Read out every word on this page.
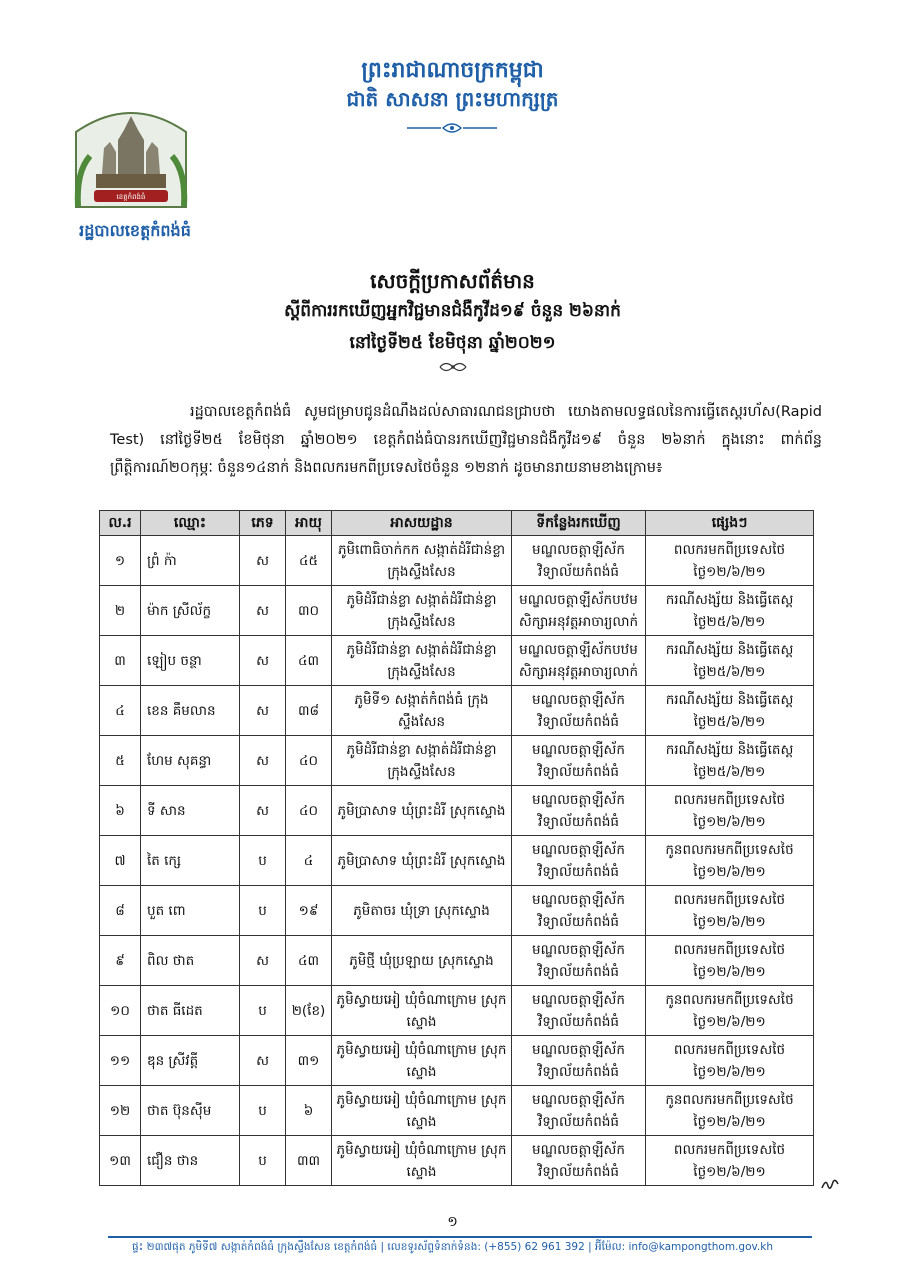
ព្រះរាជាណាចក្រកម្ពុជា
ជាតិ សាសនា ព្រះមហាក្សត្រ
ខេត្តកំពង់ធំ
រដ្ឋបាលខេត្តកំពង់ធំ
សេចក្តីប្រកាសព័ត៌មាន
ស្តីពីការរកឃើញអ្នកវិជ្ជមានជំងឺកូវីដ១៩ ចំនួន ២៦នាក់
នៅថ្ងៃទី២៥ ខែមិថុនា ឆ្នាំ២០២១
រដ្ឋបាលខេត្តកំពង់ធំ សូមជម្រាបជូនដំណឹងដល់សាធារណជនជ្រាបថា យោងតាមលទ្ធផលនៃការធ្វើតេស្តរហ័ស(Rapid Test) នៅថ្ងៃទី២៥ ខែមិថុនា ឆ្នាំ២០២១ ខេត្តកំពង់ធំបានរកឃើញវិជ្ជមានជំងឺកូវីដ១៩ ចំនួន ២៦នាក់ ក្នុងនោះ ពាក់ព័ន្ធព្រឹត្តិការណ៍២០កុម្ភៈ ចំនួន១៤នាក់ និងពលករមកពីប្រទេសថៃចំនួន ១២នាក់ ដូចមានរាយនាមខាងក្រោម៖
ល.រ	ឈ្មោះ	ភេទ	អាយុ	អាសយដ្ឋាន	ទីកន្លែងរកឃើញ	ផ្សេងៗ
១	ព្រំ ក៉ា	ស	៤៥	ភូមិពោធិចាក់កក សង្កាត់ដំរីជាន់ខ្លា ក្រុងស្ទឹងសែន	មណ្ឌលចត្តាឡីស័ក វិទ្យាល័យកំពង់ធំ	ពលករមកពីប្រទេសថៃ ថ្ងៃ១២/៦/២១
២	ម៉ាក ស្រីល័ក្ខ	ស	៣០	ភូមិដំរីជាន់ខ្លា សង្កាត់ដំរីជាន់ខ្លា ក្រុងស្ទឹងសែន	មណ្ឌលចត្តាឡីស័កបឋម សិក្សាអនុវត្តអាចារ្យលាក់	ករណីសង្ស័យ និងធ្វើតេស្ត ថ្ងៃ២៥/៦/២១
៣	ឡៀប ចន្ថា	ស	៤៣	ភូមិដំរីជាន់ខ្លា សង្កាត់ដំរីជាន់ខ្លា ក្រុងស្ទឹងសែន	មណ្ឌលចត្តាឡីស័កបឋម សិក្សាអនុវត្តអាចារ្យលាក់	ករណីសង្ស័យ និងធ្វើតេស្ត ថ្ងៃ២៥/៦/២១
៤	ខេន គឹមលាន	ស	៣៨	ភូមិទី១ សង្កាត់កំពង់ធំ ក្រុងស្ទឹងសែន	មណ្ឌលចត្តាឡីស័ក វិទ្យាល័យកំពង់ធំ	ករណីសង្ស័យ និងធ្វើតេស្ត ថ្ងៃ២៥/៦/២១
៥	ហែម សុគន្ធា	ស	៤០	ភូមិដំរីជាន់ខ្លា សង្កាត់ដំរីជាន់ខ្លា ក្រុងស្ទឹងសែន	មណ្ឌលចត្តាឡីស័ក វិទ្យាល័យកំពង់ធំ	ករណីសង្ស័យ និងធ្វើតេស្ត ថ្ងៃ២៥/៦/២១
៦	ទី សាន	ស	៤០	ភូមិប្រាសាទ ឃុំព្រះដំរី ស្រុកស្ទោង	មណ្ឌលចត្តាឡីស័ក វិទ្យាល័យកំពង់ធំ	ពលករមកពីប្រទេសថៃ ថ្ងៃ១២/៦/២១
៧	តៃ ក្សេ	ប	៤	ភូមិប្រាសាទ ឃុំព្រះដំរី ស្រុកស្ទោង	មណ្ឌលចត្តាឡីស័ក វិទ្យាល័យកំពង់ធំ	កូនពលករមកពីប្រទេសថៃ ថ្ងៃ១២/៦/២១
៨	បួត ពោ	ប	១៩	ភូមិតាចរ ឃុំទ្រា ស្រុកស្ទោង	មណ្ឌលចត្តាឡីស័ក វិទ្យាល័យកំពង់ធំ	ពលករមកពីប្រទេសថៃ ថ្ងៃ១២/៦/២១
៩	ពិល ថាត	ស	៤៣	ភូមិថ្មី ឃុំប្រឡាយ ស្រុកស្ទោង	មណ្ឌលចត្តាឡីស័ក វិទ្យាល័យកំពង់ធំ	ពលករមកពីប្រទេសថៃ ថ្ងៃ១២/៦/២១
១០	ថាត ធីដេត	ប	២(ខែ)	ភូមិស្វាយអៀ ឃុំចំណាក្រោម ស្រុកស្ទោង	មណ្ឌលចត្តាឡីស័ក វិទ្យាល័យកំពង់ធំ	កូនពលករមកពីប្រទេសថៃ ថ្ងៃ១២/៦/២១
១១	ឌុន ស្រីវត្តី	ស	៣១	ភូមិស្វាយអៀ ឃុំចំណាក្រោម ស្រុកស្ទោង	មណ្ឌលចត្តាឡីស័ក វិទ្យាល័យកំពង់ធំ	ពលករមកពីប្រទេសថៃ ថ្ងៃ១២/៦/២១
១២	ថាត ប៊ុនស៊ីម	ប	៦	ភូមិស្វាយអៀ ឃុំចំណាក្រោម ស្រុកស្ទោង	មណ្ឌលចត្តាឡីស័ក វិទ្យាល័យកំពង់ធំ	កូនពលករមកពីប្រទេសថៃ ថ្ងៃ១២/៦/២១
១៣	ជឿន ថាន	ប	៣៣	ភូមិស្វាយអៀ ឃុំចំណាក្រោម ស្រុកស្ទោង	មណ្ឌលចត្តាឡីស័ក វិទ្យាល័យកំពង់ធំ	ពលករមកពីប្រទេសថៃ ថ្ងៃ១២/៦/២១
១
ផ្ទះ ២៣៧ផុត ភូមិទី៧ សង្កាត់កំពង់ធំ ក្រុងស្ទឹងសែន ខេត្តកំពង់ធំ | លេខទូរស័ព្ទទំនាក់ទំនង: (+855) 62 961 392 | អ៊ីម៉ែល: info@kampongthom.gov.kh
